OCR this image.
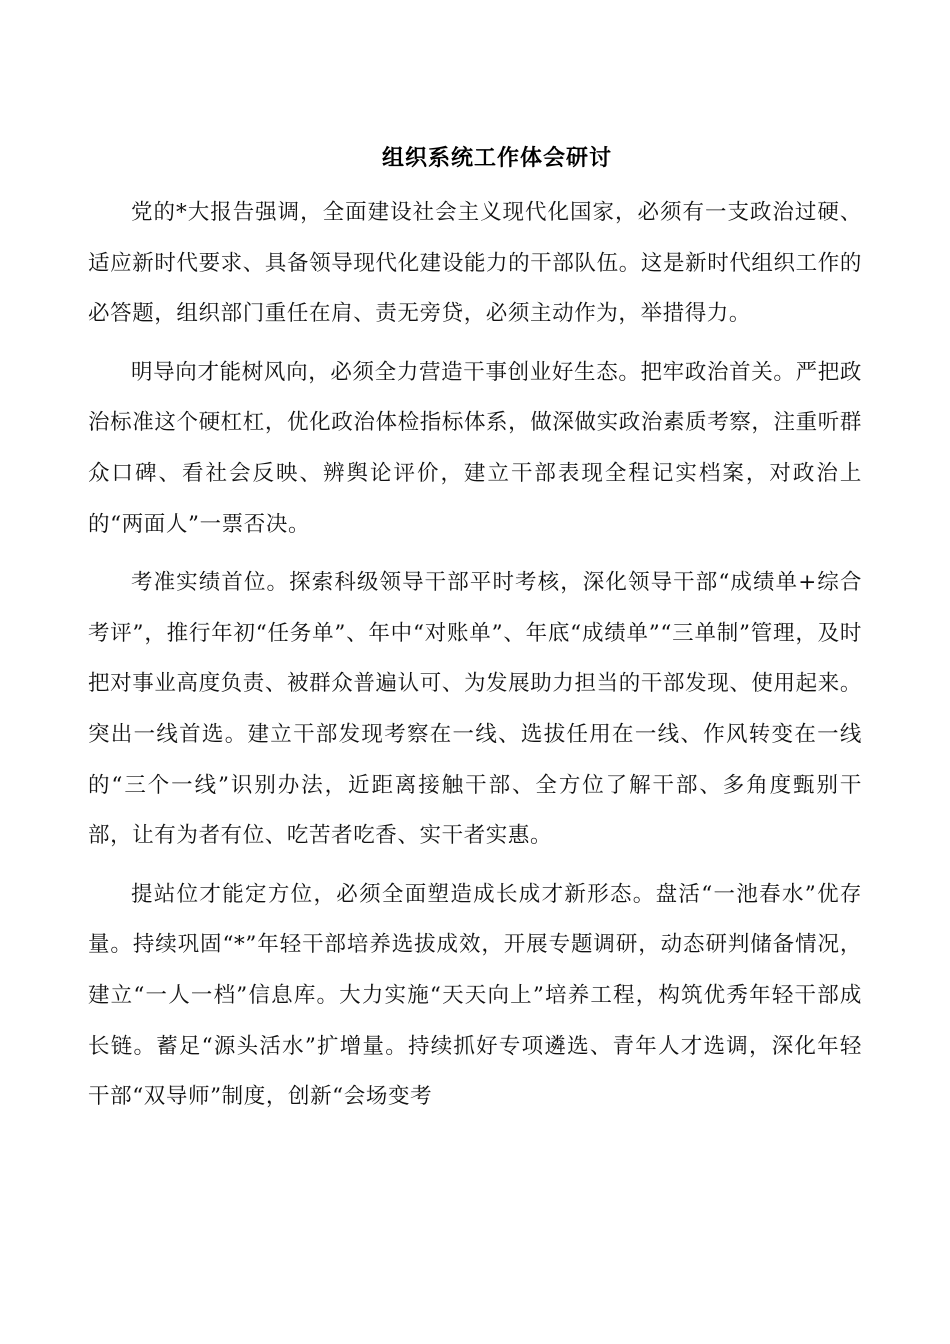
组织系统工作体会研讨

党的*大报告强调，全面建设社会主义现代化国家，必须有一支政治过硬、适应新时代要求、具备领导现代化建设能力的干部队伍。这是新时代组织工作的必答题，组织部门重任在肩、责无旁贷，必须主动作为，举措得力。

明导向才能树风向，必须全力营造干事创业好生态。把牢政治首关。严把政治标准这个硬杠杠，优化政治体检指标体系，做深做实政治素质考察，注重听群众口碑、看社会反映、辨舆论评价，建立干部表现全程记实档案，对政治上的“两面人”一票否决。

考准实绩首位。探索科级领导干部平时考核，深化领导干部“成绩单+综合考评”，推行年初“任务单”、年中“对账单”、年底“成绩单”“三单制”管理，及时把对事业高度负责、被群众普遍认可、为发展助力担当的干部发现、使用起来。突出一线首选。建立干部发现考察在一线、选拔任用在一线、作风转变在一线的“三个一线”识别办法，近距离接触干部、全方位了解干部、多角度甄别干部，让有为者有位、吃苦者吃香、实干者实惠。

提站位才能定方位，必须全面塑造成长成才新形态。盘活“一池春水”优存量。持续巩固“*”年轻干部培养选拔成效，开展专题调研，动态研判储备情况，建立“一人一档”信息库。大力实施“天天向上”培养工程，构筑优秀年轻干部成长链。蓄足“源头活水”扩增量。持续抓好专项遴选、青年人才选调，深化年轻干部“双导师”制度，创新“会场变考
